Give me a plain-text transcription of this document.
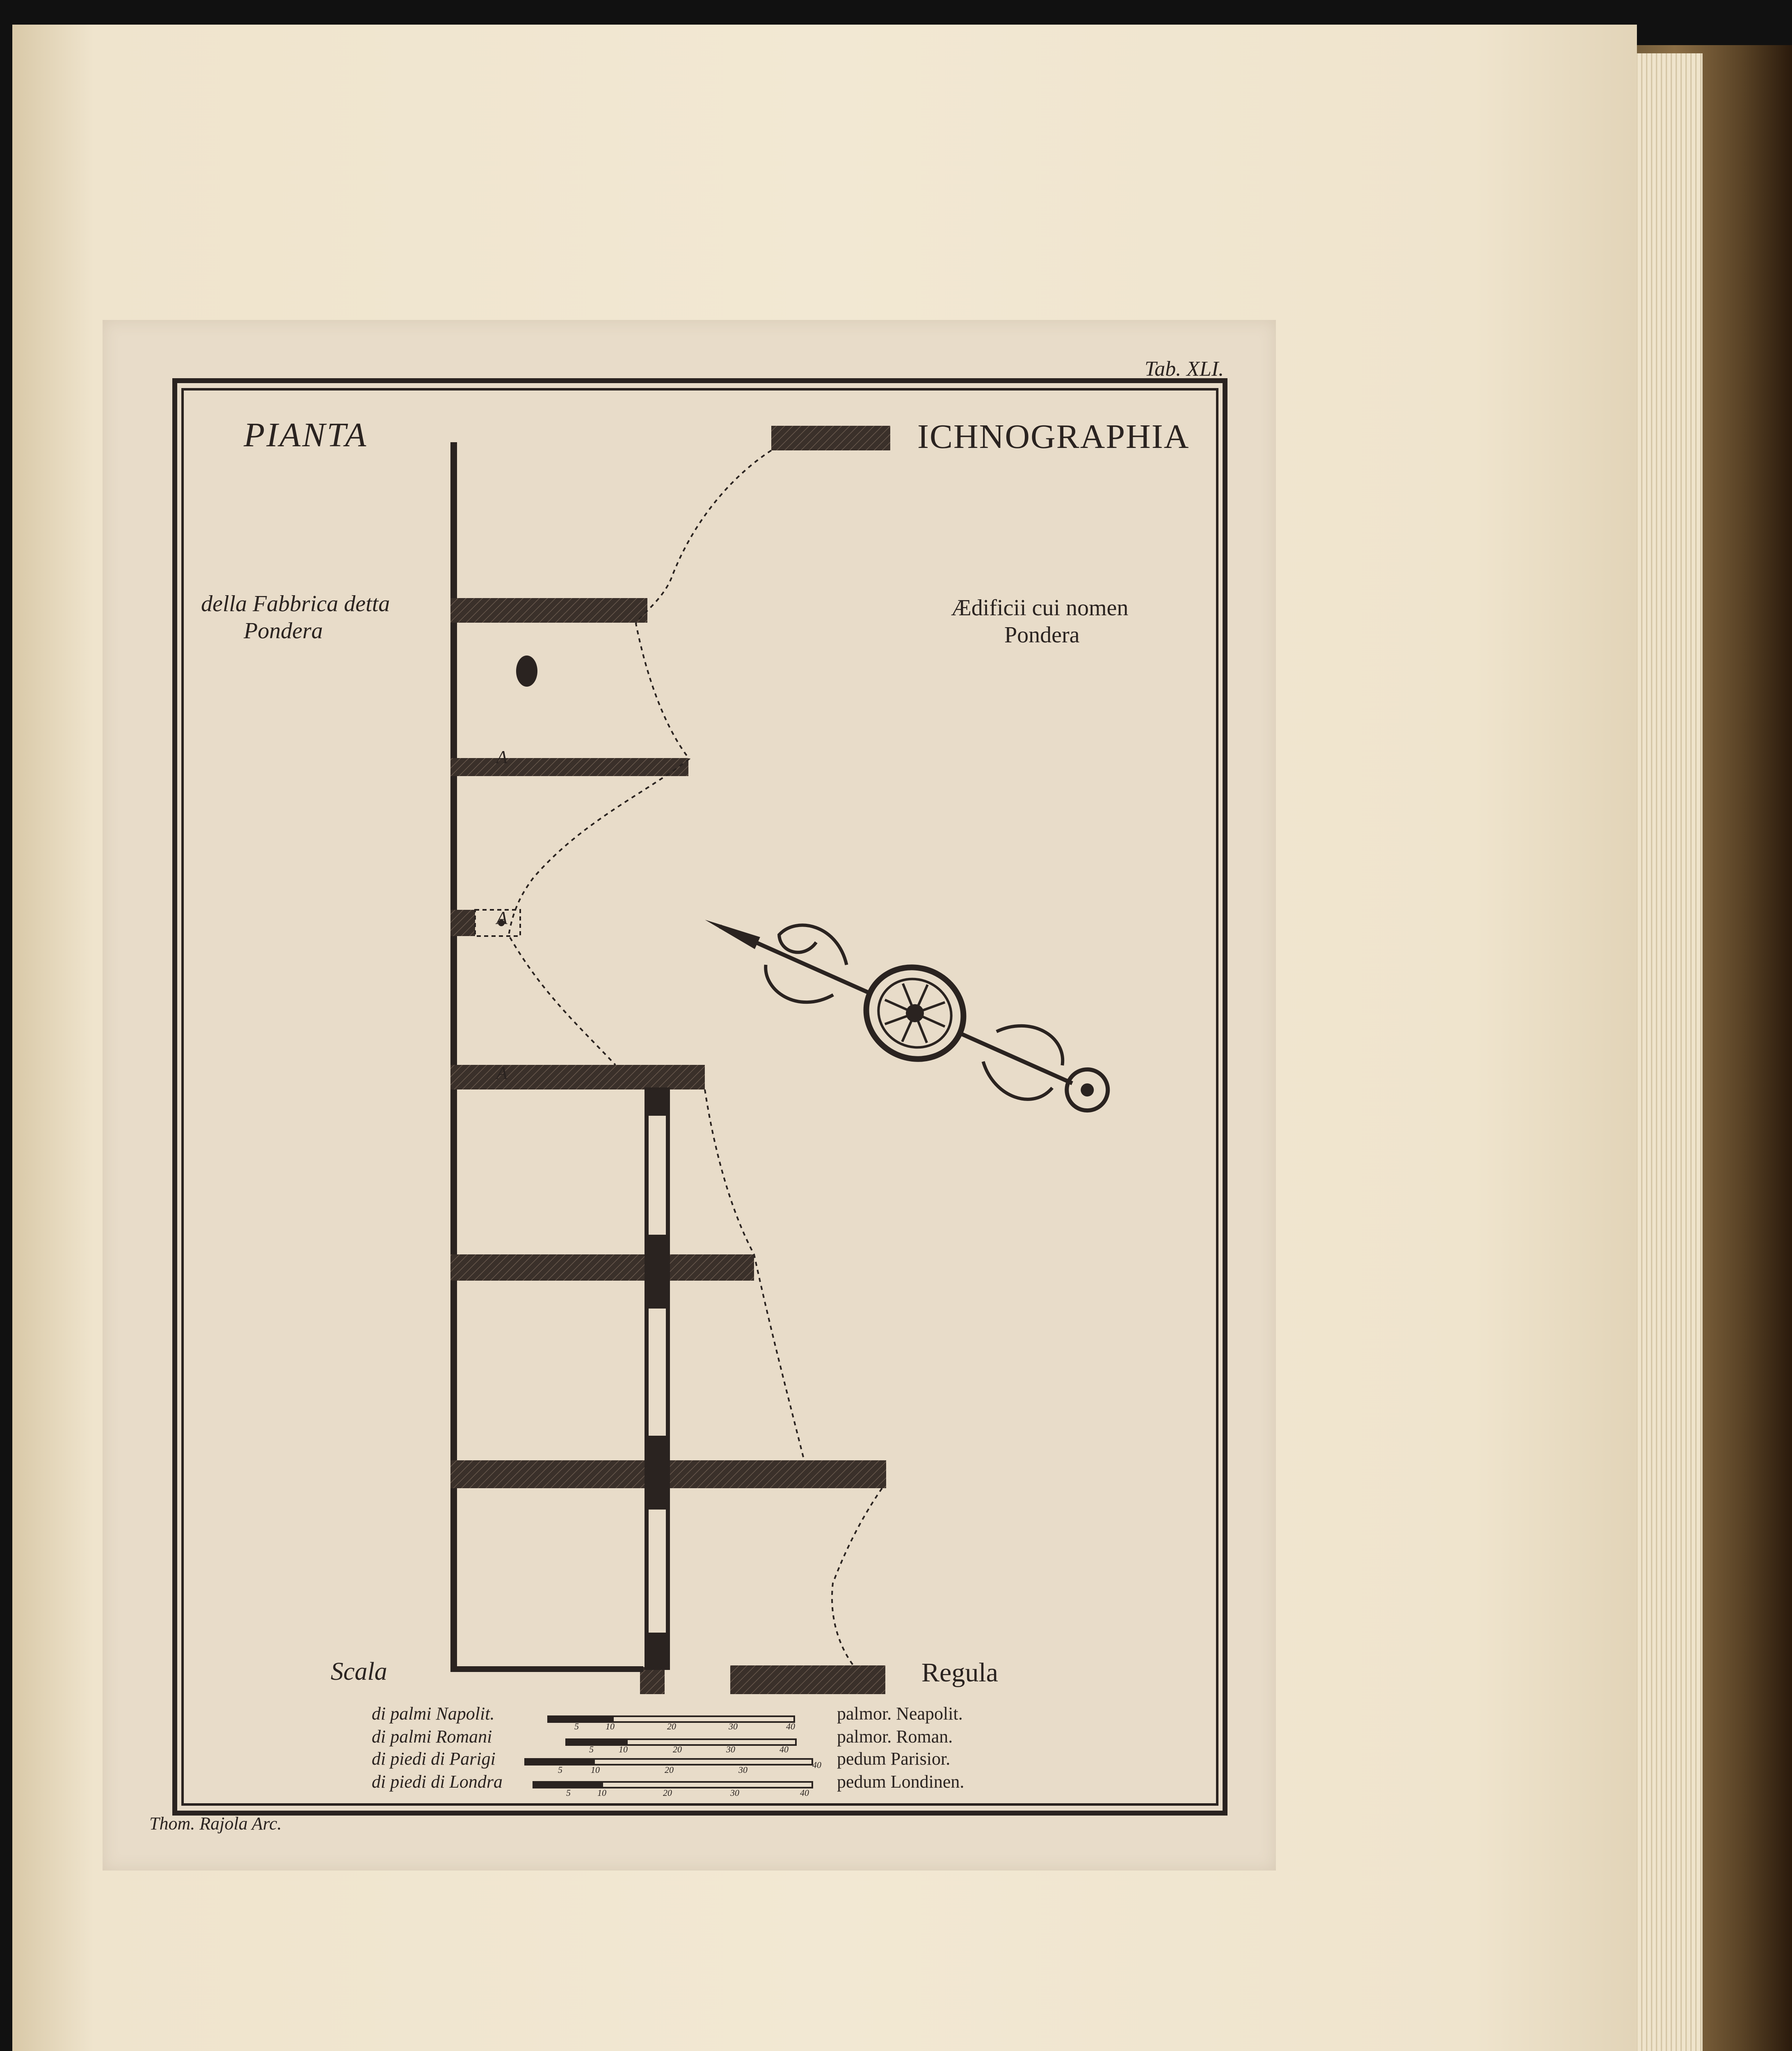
Tab. XLI.
PIANTA	ICHNOGRAPHIA
della Fabbrica detta
Pondera
Ædificii cui nomen
Pondera
A
A
A
Scala	Regula
di palmi Napolit.	palmor. Neapolit.
di palmi Romani	palmor. Roman.
di piedi di Parigi	pedum Parisior.
di piedi di Londra	pedum Londinen.
5	10	20	30	40
5	10	20	30	40
5	10	20	30	40
5	10	20	30	40
Thom. Rajola Arc.
